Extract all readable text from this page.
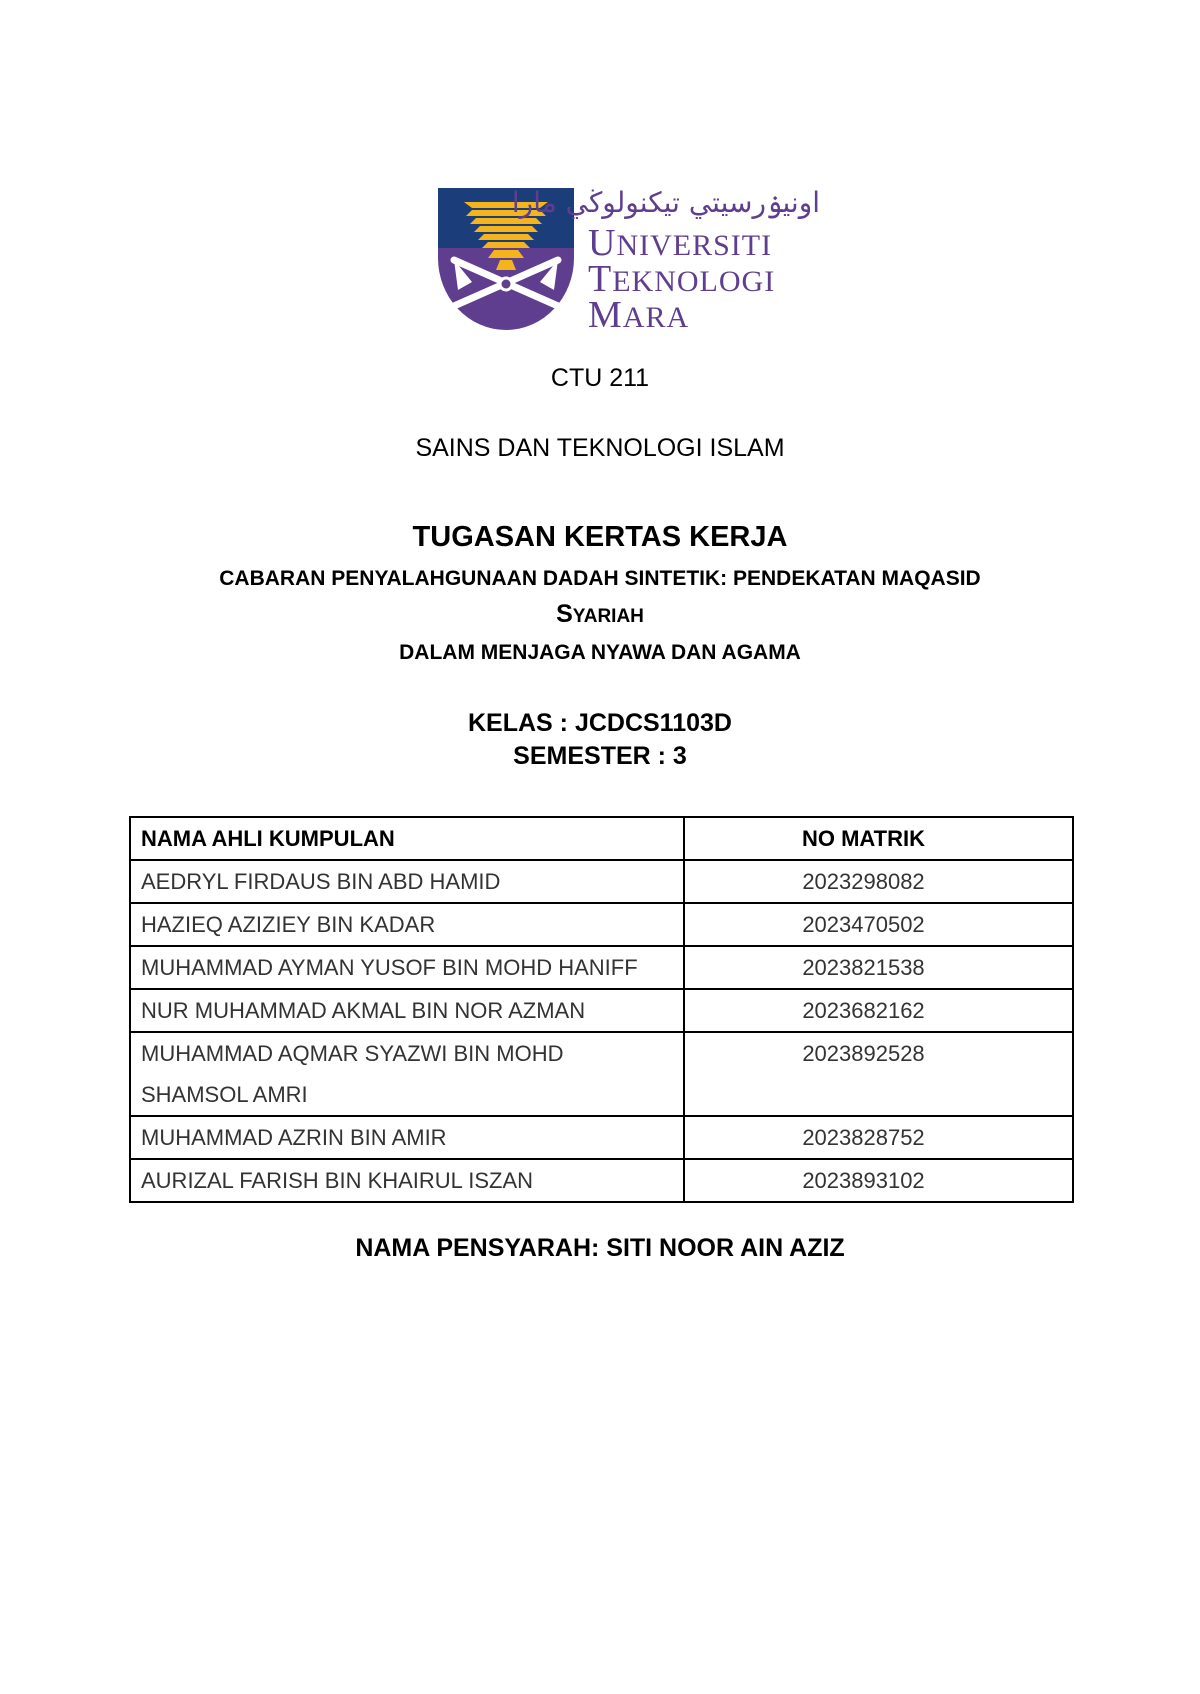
اونيۏرسيتي تيكنولوڬي مارا
UNIVERSITI
TEKNOLOGI
MARA
CTU 211
SAINS DAN TEKNOLOGI ISLAM
TUGASAN KERTAS KERJA
CABARAN PENYALAHGUNAAN DADAH SINTETIK: PENDEKATAN MAQASID
SYARIAH
DALAM MENJAGA NYAWA DAN AGAMA
KELAS : JCDCS1103D
SEMESTER : 3
NAMA AHLI KUMPULAN	NO MATRIK
AEDRYL FIRDAUS BIN ABD HAMID	2023298082
HAZIEQ AZIZIEY BIN KADAR	2023470502
MUHAMMAD AYMAN YUSOF BIN MOHD HANIFF	2023821538
NUR MUHAMMAD AKMAL BIN NOR AZMAN	2023682162
MUHAMMAD AQMAR SYAZWI BIN MOHD SHAMSOL AMRI	2023892528
MUHAMMAD AZRIN BIN AMIR	2023828752
AURIZAL FARISH BIN KHAIRUL ISZAN	2023893102
NAMA PENSYARAH: SITI NOOR AIN AZIZ
